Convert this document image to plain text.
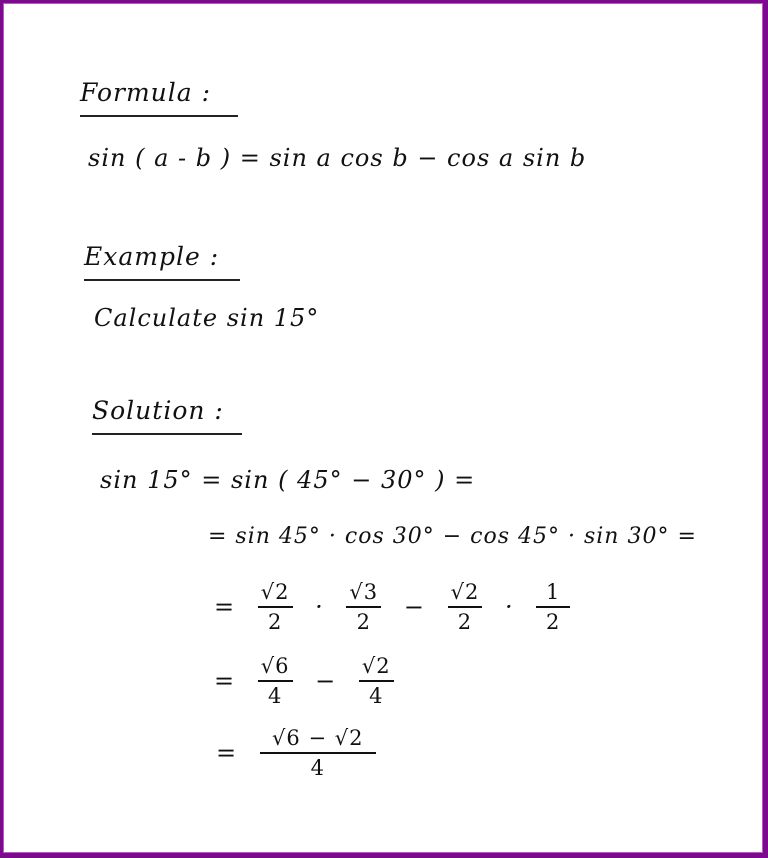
Formula :
sin ( a - b ) = sin a cos b − cos a sin b
Example :
Calculate sin 15°
Solution :
sin 15° = sin ( 45° − 30° ) =
= sin 45° · cos 30° − cos 45° · sin 30° =
= $\frac{√2}{2} \cdot \frac{√3}{2} - \frac{√2}{2} \cdot \frac{1}{2}$
= $\frac{√6}{4} - \frac{√2}{4}$
= $\frac{√6 - √2}{4}$
